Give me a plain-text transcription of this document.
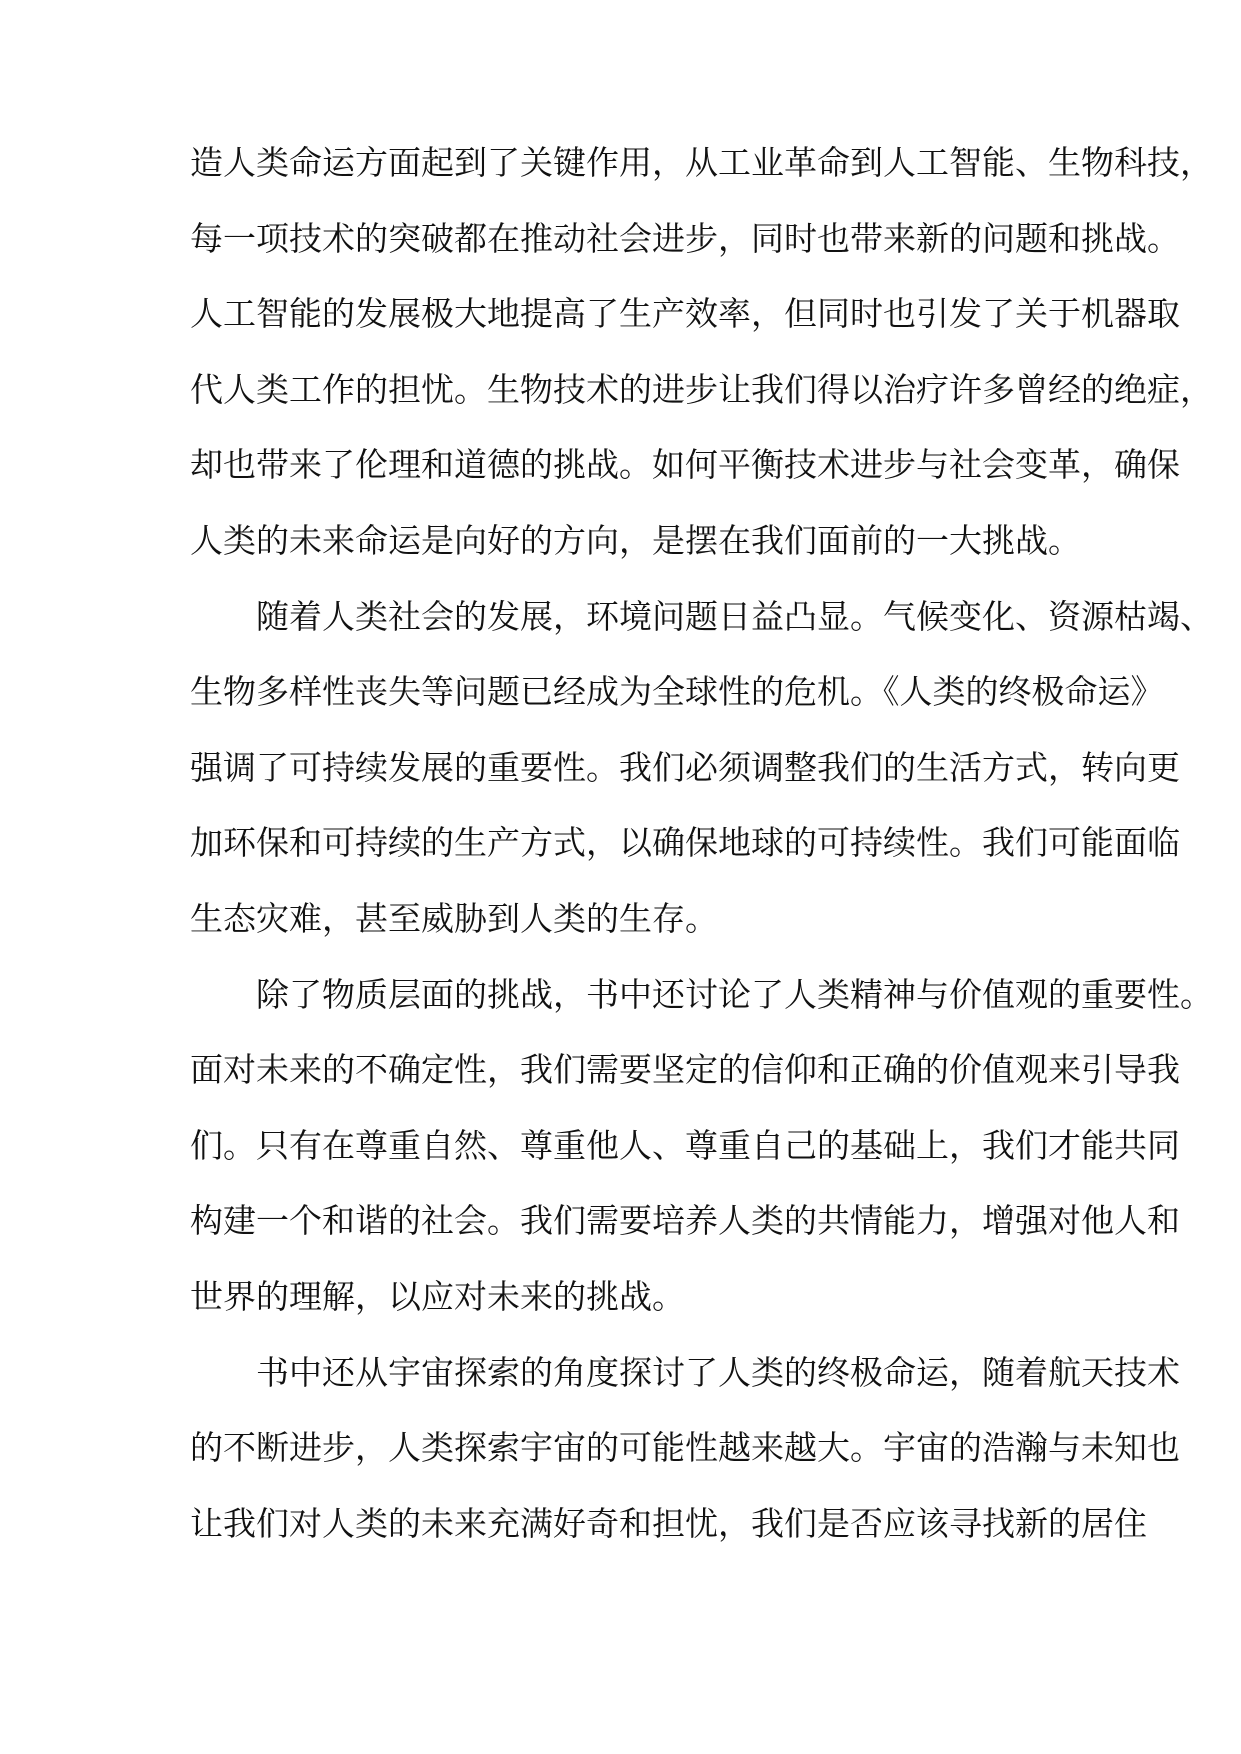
造人类命运方面起到了关键作用，从工业革命到人工智能、生物科技，
每一项技术的突破都在推动社会进步，同时也带来新的问题和挑战。
人工智能的发展极大地提高了生产效率，但同时也引发了关于机器取
代人类工作的担忧。生物技术的进步让我们得以治疗许多曾经的绝症，
却也带来了伦理和道德的挑战。如何平衡技术进步与社会变革，确保
人类的未来命运是向好的方向，是摆在我们面前的一大挑战。
随着人类社会的发展，环境问题日益凸显。气候变化、资源枯竭、
生物多样性丧失等问题已经成为全球性的危机。《人类的终极命运》
强调了可持续发展的重要性。我们必须调整我们的生活方式，转向更
加环保和可持续的生产方式，以确保地球的可持续性。我们可能面临
生态灾难，甚至威胁到人类的生存。
除了物质层面的挑战，书中还讨论了人类精神与价值观的重要性。
面对未来的不确定性，我们需要坚定的信仰和正确的价值观来引导我
们。只有在尊重自然、尊重他人、尊重自己的基础上，我们才能共同
构建一个和谐的社会。我们需要培养人类的共情能力，增强对他人和
世界的理解，以应对未来的挑战。
书中还从宇宙探索的角度探讨了人类的终极命运，随着航天技术
的不断进步，人类探索宇宙的可能性越来越大。宇宙的浩瀚与未知也
让我们对人类的未来充满好奇和担忧，我们是否应该寻找新的居住
